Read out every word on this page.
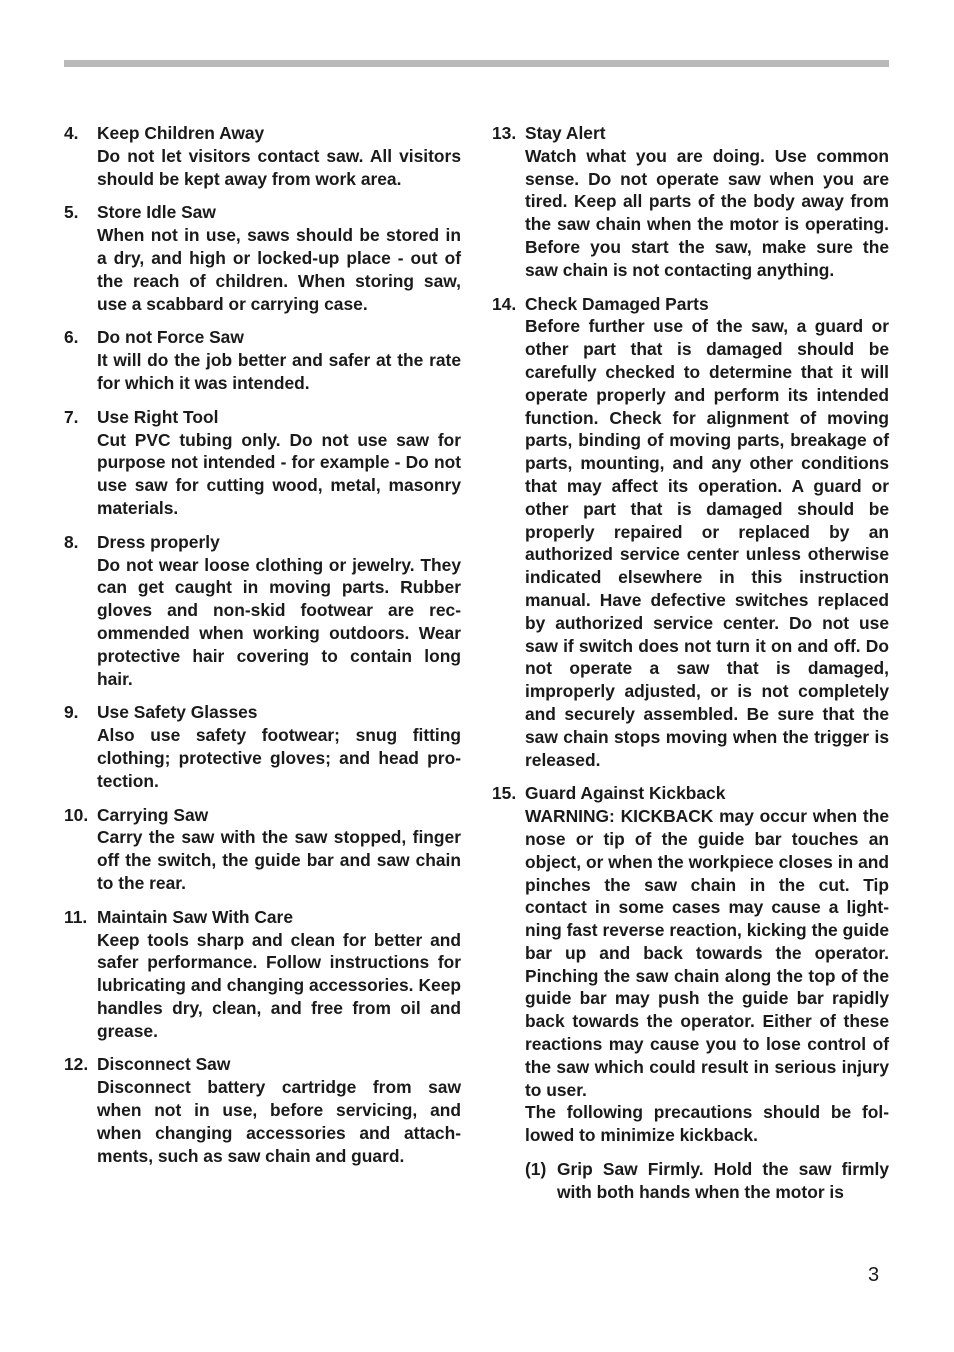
4. Keep Children Away
Do not let visitors contact saw. All visitors should be kept away from work area.
5. Store Idle Saw
When not in use, saws should be stored in a dry, and high or locked-up place - out of the reach of children. When storing saw, use a scabbard or carrying case.
6. Do not Force Saw
It will do the job better and safer at the rate for which it was intended.
7. Use Right Tool
Cut PVC tubing only. Do not use saw for purpose not intended - for example - Do not use saw for cutting wood, metal, masonry materials.
8. Dress properly
Do not wear loose clothing or jewelry. They can get caught in moving parts. Rubber gloves and non-skid footwear are recommended when working outdoors. Wear protective hair covering to contain long hair.
9. Use Safety Glasses
Also use safety footwear; snug fitting clothing; protective gloves; and head protection.
10. Carrying Saw
Carry the saw with the saw stopped, finger off the switch, the guide bar and saw chain to the rear.
11. Maintain Saw With Care
Keep tools sharp and clean for better and safer performance. Follow instructions for lubricating and changing accessories. Keep handles dry, clean, and free from oil and grease.
12. Disconnect Saw
Disconnect battery cartridge from saw when not in use, before servicing, and when changing accessories and attachments, such as saw chain and guard.
13. Stay Alert
Watch what you are doing. Use common sense. Do not operate saw when you are tired. Keep all parts of the body away from the saw chain when the motor is operating. Before you start the saw, make sure the saw chain is not contacting anything.
14. Check Damaged Parts
Before further use of the saw, a guard or other part that is damaged should be carefully checked to determine that it will operate properly and perform its intended function. Check for alignment of moving parts, binding of moving parts, breakage of parts, mounting, and any other conditions that may affect its operation. A guard or other part that is damaged should be properly repaired or replaced by an authorized service center unless otherwise indicated elsewhere in this instruction manual. Have defective switches replaced by authorized service center. Do not use saw if switch does not turn it on and off. Do not operate a saw that is damaged, improperly adjusted, or is not completely and securely assembled. Be sure that the saw chain stops moving when the trigger is released.
15. Guard Against Kickback
WARNING: KICKBACK may occur when the nose or tip of the guide bar touches an object, or when the workpiece closes in and pinches the saw chain in the cut. Tip contact in some cases may cause a lightning fast reverse reaction, kicking the guide bar up and back towards the operator. Pinching the saw chain along the top of the guide bar may push the guide bar rapidly back towards the operator. Either of these reactions may cause you to lose control of the saw which could result in serious injury to user.
The following precautions should be followed to minimize kickback.
(1) Grip Saw Firmly. Hold the saw firmly with both hands when the motor is
3
